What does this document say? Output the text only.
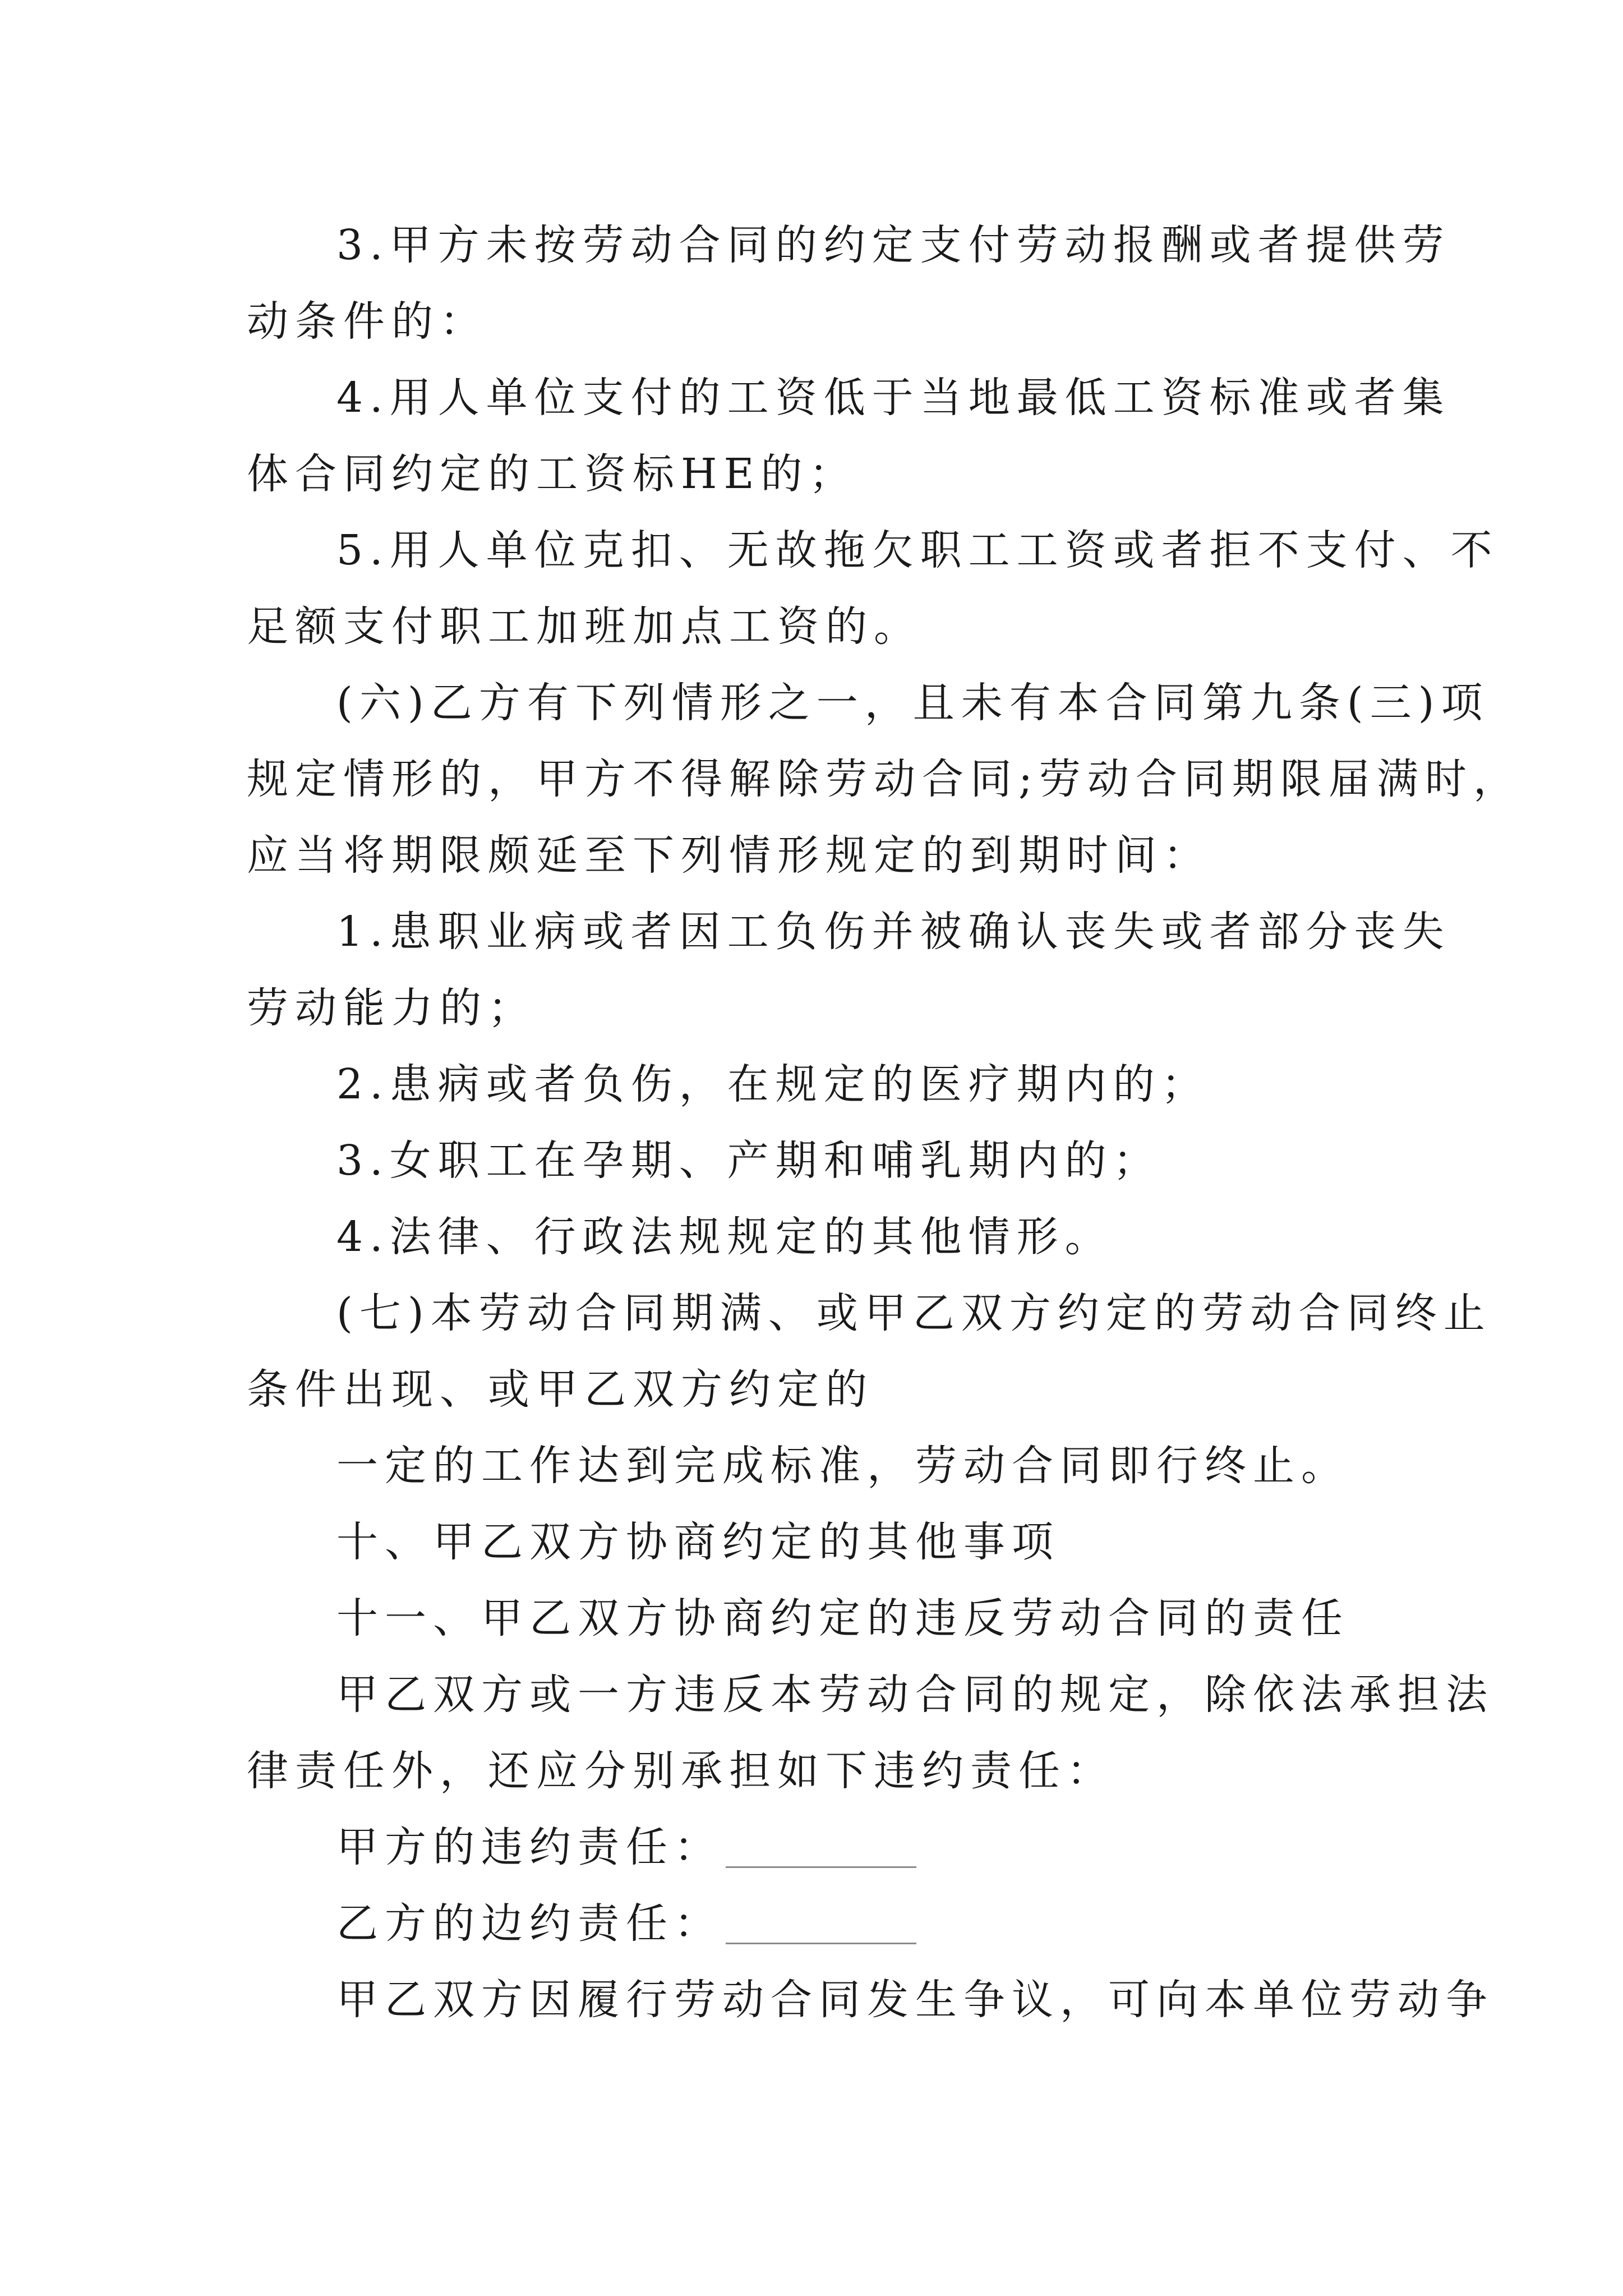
3.甲方未按劳动合同的约定支付劳动报酬或者提供劳
动条件的：
4.用人单位支付的工资低于当地最低工资标准或者集
体合同约定的工资标HE的；
5.用人单位克扣、无故拖欠职工工资或者拒不支付、不
足额支付职工加班加点工资的。
(六)乙方有下列情形之一，且未有本合同第九条(三)项
规定情形的，甲方不得解除劳动合同;劳动合同期限届满时，
应当将期限颇延至下列情形规定的到期时间：
1.患职业病或者因工负伤并被确认丧失或者部分丧失
劳动能力的；
2.患病或者负伤，在规定的医疗期内的；
3.女职工在孕期、产期和哺乳期内的；
4.法律、行政法规规定的其他情形。
(七)本劳动合同期满、或甲乙双方约定的劳动合同终止
条件出现、或甲乙双方约定的
一定的工作达到完成标准，劳动合同即行终止。
十、甲乙双方协商约定的其他事项
十一、甲乙双方协商约定的违反劳动合同的责任
甲乙双方或一方违反本劳动合同的规定，除依法承担法
律责任外，还应分别承担如下违约责任：
甲方的违约责任：
乙方的边约责任：
甲乙双方因履行劳动合同发生争议，可向本单位劳动争
